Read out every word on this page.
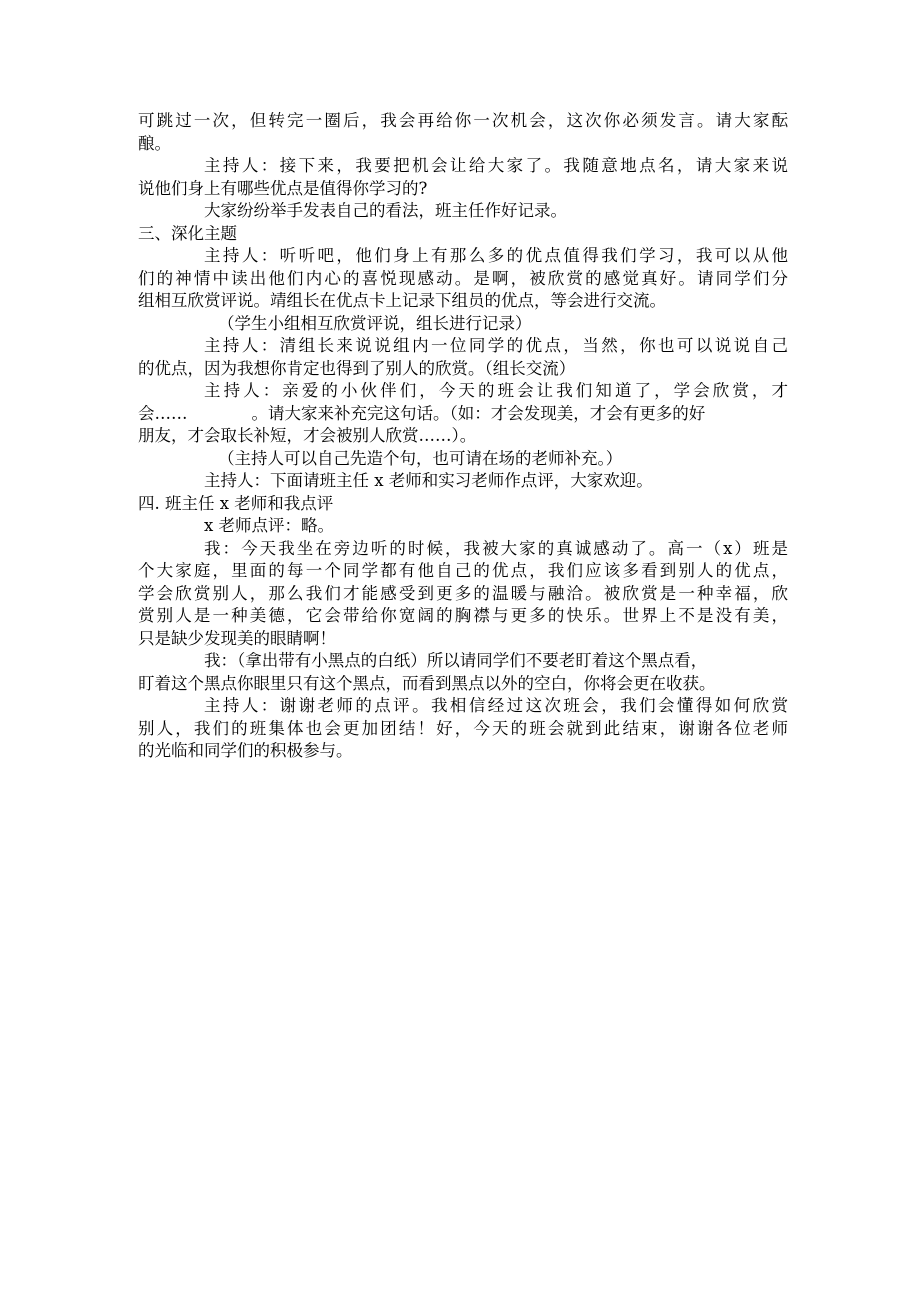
可跳过一次，但转完一圈后，我会再给你一次机会，这次你必须发言。请大家酝
酿。
主持人：接下来，我要把机会让给大家了。我随意地点名，请大家来说
说他们身上有哪些优点是值得你学习的?
大家纷纷举手发表自己的看法，班主任作好记录。
三、深化主题
主持人：听听吧，他们身上有那么多的优点值得我们学习，我可以从他
们的神情中读出他们内心的喜悦现感动。是啊，被欣赏的感觉真好。请同学们分
组相互欣赏评说。靖组长在优点卡上记录下组员的优点，等会进行交流。
（学生小组相互欣赏评说，组长进行记录）
主持人：清组长来说说组内一位同学的优点，当然，你也可以说说自己
的优点，因为我想你肯定也得到了别人的欣赏。（组长交流）
主持人：亲爱的小伙伴们，今天的班会让我们知道了，学会欣赏，才
会……	。请大家来补充完这句话。（如：才会发现美，才会有更多的好
朋友，才会取长补短，才会被别人欣赏……）。
（主持人可以自己先造个句，也可请在场的老师补充。）
主持人：下面请班主任 x 老师和实习老师作点评，大家欢迎。
四. 班主任 x 老师和我点评
x 老师点评：略。
我：今天我坐在旁边听的时候，我被大家的真诚感动了。高一（x）班是
个大家庭，里面的每一个同学都有他自己的优点，我们应该多看到别人的优点，
学会欣赏别人，那么我们才能感受到更多的温暖与融洽。被欣赏是一种幸福，欣
赏别人是一种美德，它会带给你宽阔的胸襟与更多的快乐。世界上不是没有美，
只是缺少发现美的眼睛啊！
我：（拿出带有小黑点的白纸）所以请同学们不要老盯着这个黑点看，
盯着这个黑点你眼里只有这个黑点，而看到黑点以外的空白，你将会更在收获。
主持人：谢谢老师的点评。我相信经过这次班会，我们会懂得如何欣赏
别人，我们的班集体也会更加团结！好，今天的班会就到此结束，谢谢各位老师
的光临和同学们的积极参与。
